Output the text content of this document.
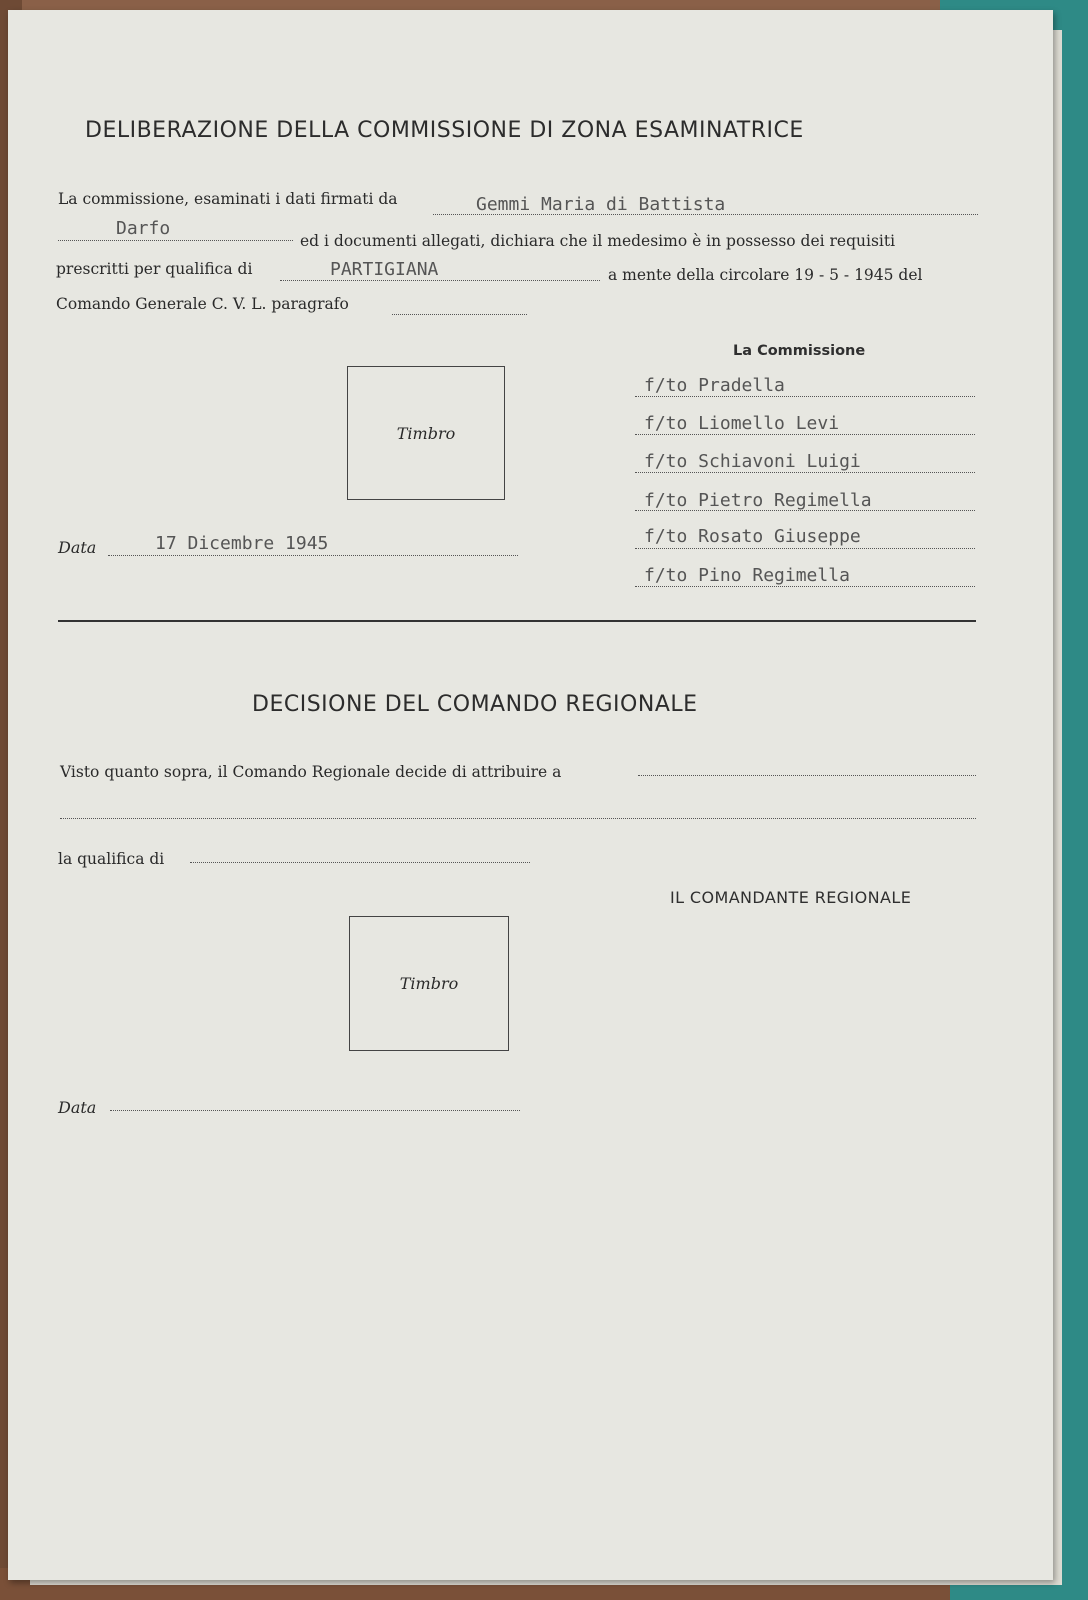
DELIBERAZIONE DELLA COMMISSIONE DI ZONA ESAMINATRICE
La commissione, esaminati i dati firmati da	Gemmi Maria di Battista
Darfo
ed i documenti allegati, dichiara che il medesimo è in possesso dei requisiti
prescritti per qualifica di	PARTIGIANA	a mente della circolare 19 - 5 - 1945 del
Comando Generale C. V. L. paragrafo
La Commissione
Timbro
f/to Pradella
f/to Liomello Levi
f/to Schiavoni Luigi
f/to Pietro Regimella
f/to Rosato Giuseppe
f/to Pino Regimella
Data	17 Dicembre 1945
DECISIONE DEL COMANDO REGIONALE
Visto quanto sopra, il Comando Regionale decide di attribuire a
la qualifica di
IL COMANDANTE REGIONALE
Timbro
Data
